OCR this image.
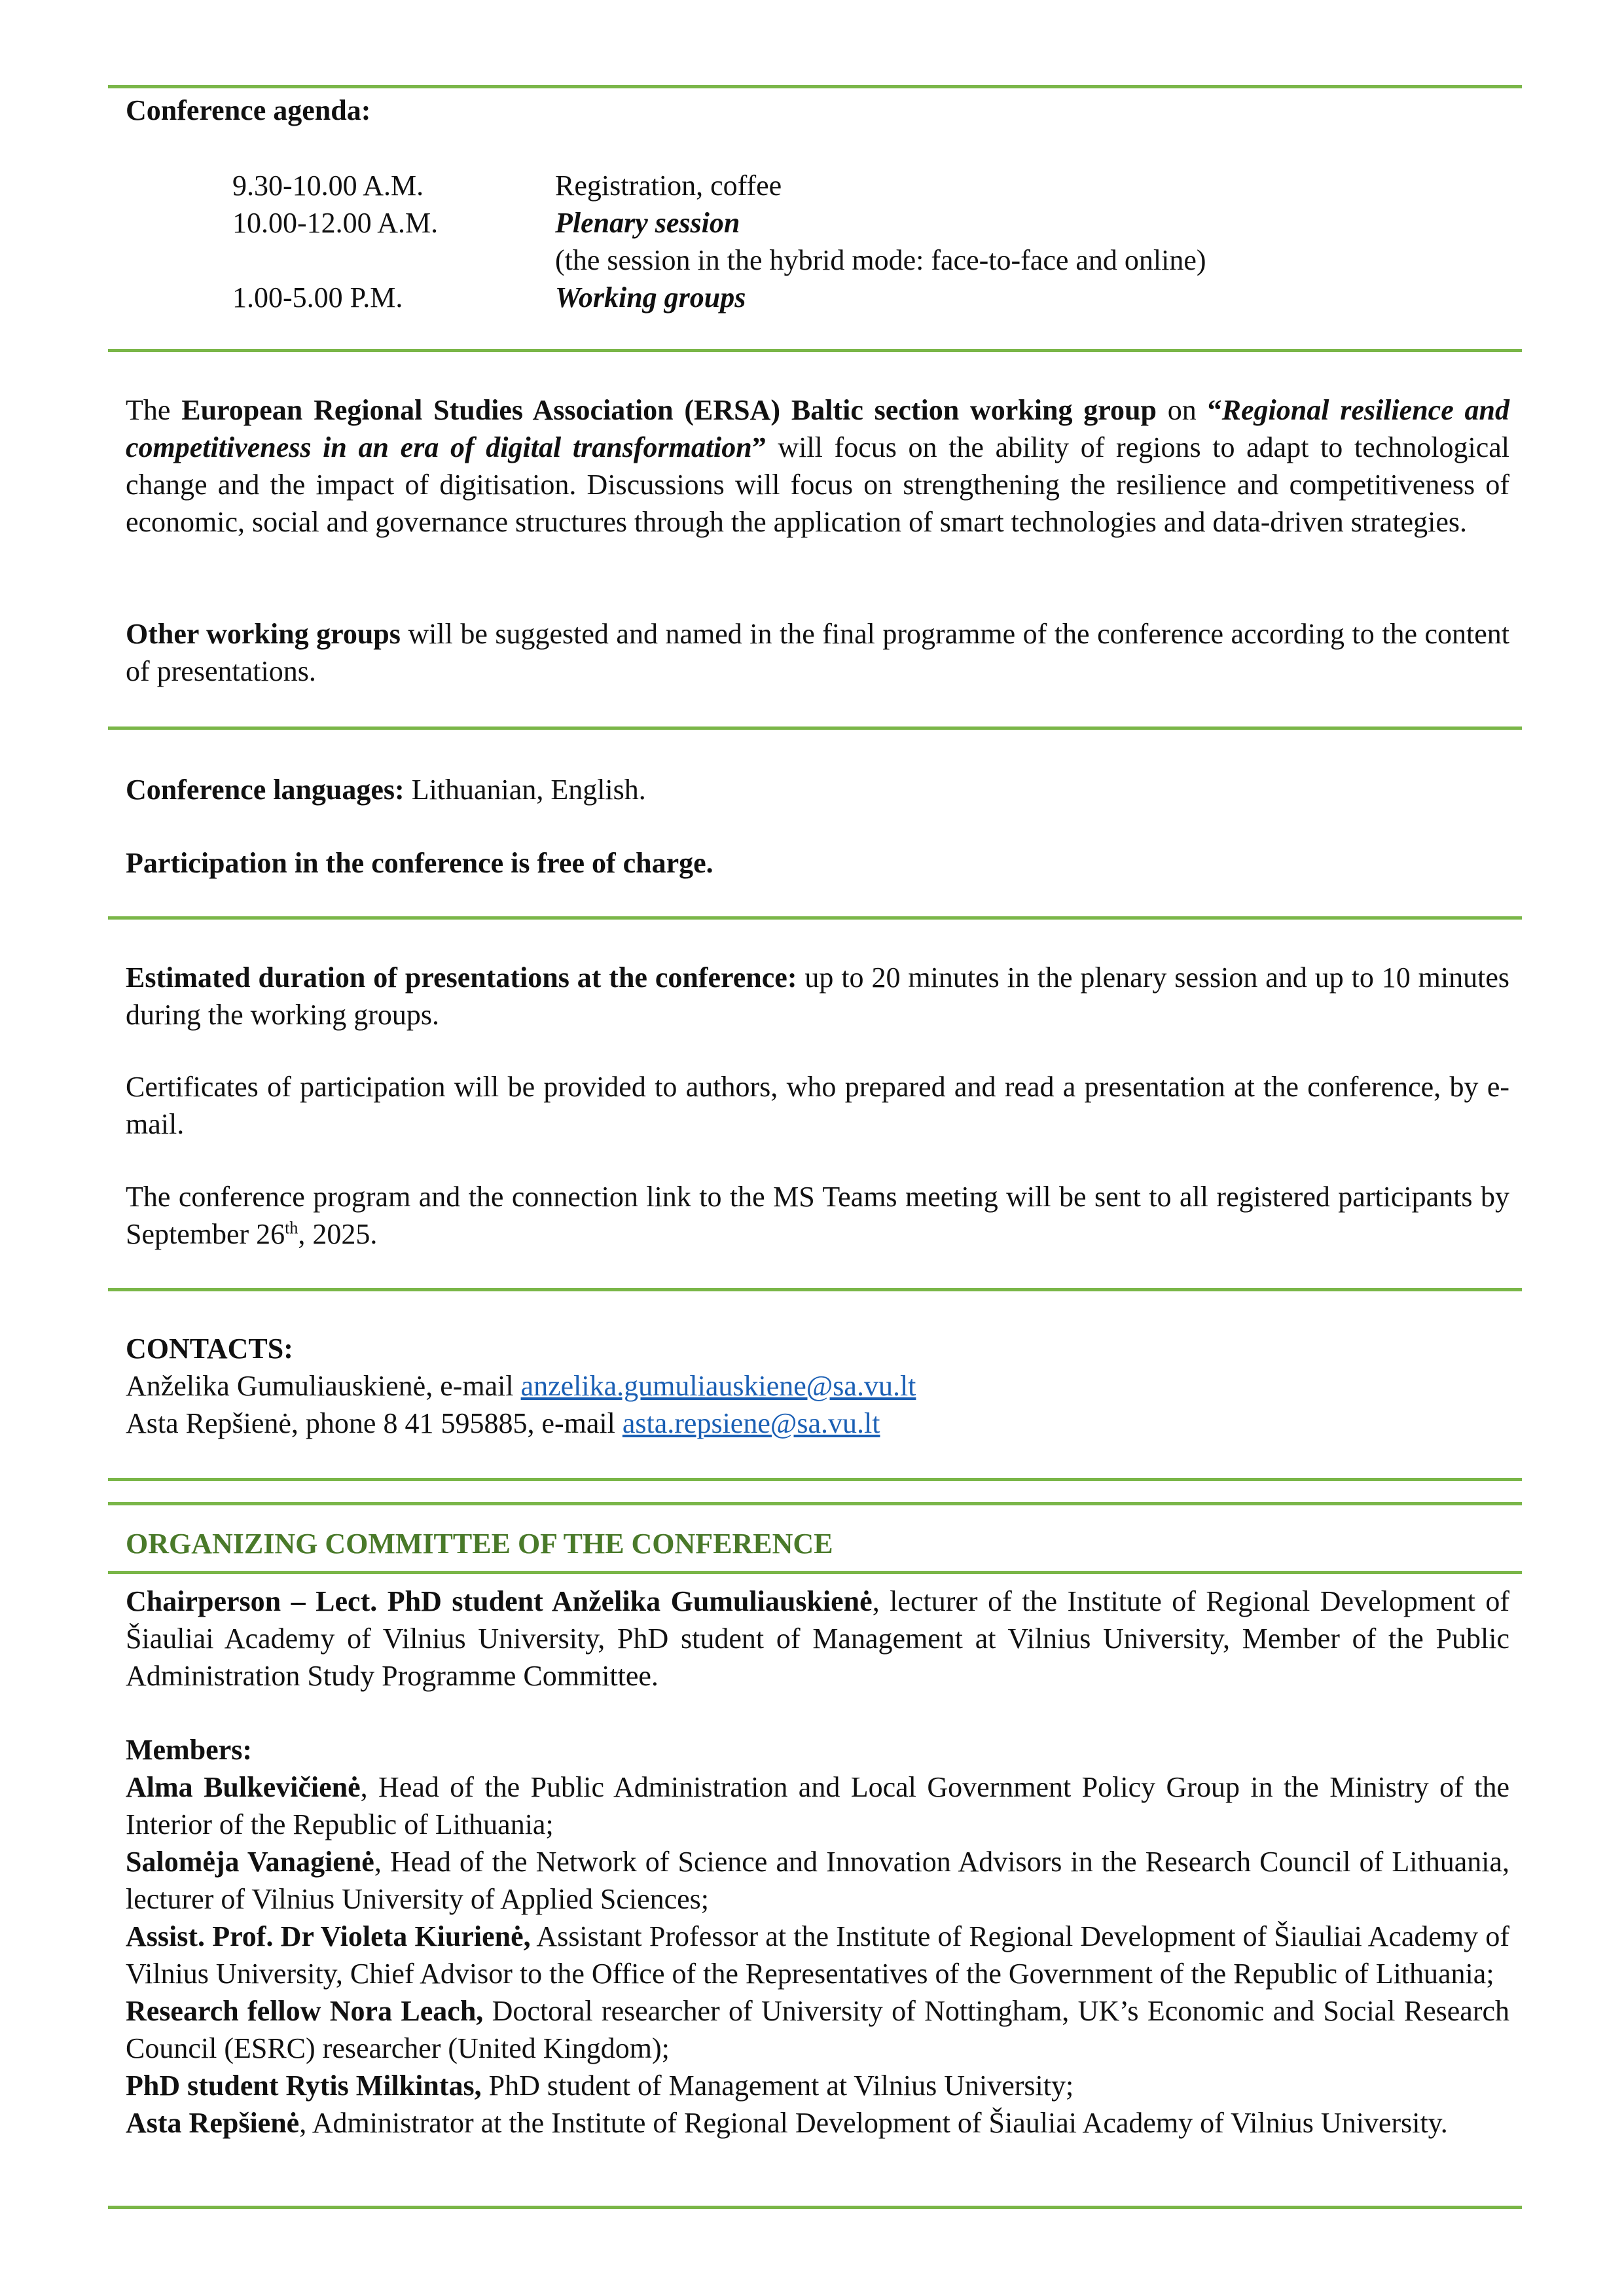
Conference agenda:
9.30-10.00 A.M.	Registration, coffee
10.00-12.00 A.M.	Plenary session
(the session in the hybrid mode: face-to-face and online)
1.00-5.00 P.M.	Working groups
The European Regional Studies Association (ERSA) Baltic section working group on “Regional resilience and competitiveness in an era of digital transformation” will focus on the ability of regions to adapt to technological change and the impact of digitisation. Discussions will focus on strengthening the resilience and competitiveness of economic, social and governance structures through the application of smart technologies and data-driven strategies.
Other working groups will be suggested and named in the final programme of the conference according to the content of presentations.
Conference languages: Lithuanian, English.
Participation in the conference is free of charge.
Estimated duration of presentations at the conference: up to 20 minutes in the plenary session and up to 10 minutes during the working groups.
Certificates of participation will be provided to authors, who prepared and read a presentation at the conference, by e-mail.
The conference program and the connection link to the MS Teams meeting will be sent to all registered participants by September 26th, 2025.
CONTACTS:
Anželika Gumuliauskienė, e-mail anzelika.gumuliauskiene@sa.vu.lt
Asta Repšienė, phone 8 41 595885, e-mail asta.repsiene@sa.vu.lt
ORGANIZING COMMITTEE OF THE CONFERENCE
Chairperson – Lect. PhD student Anželika Gumuliauskienė, lecturer of the Institute of Regional Development of Šiauliai Academy of Vilnius University, PhD student of Management at Vilnius University, Member of the Public Administration Study Programme Committee.
Members:

Alma Bulkevičienė, Head of the Public Administration and Local Government Policy Group in the Ministry of the Interior of the Republic of Lithuania;

Salomėja Vanagienė, Head of the Network of Science and Innovation Advisors in the Research Council of Lithuania, lecturer of Vilnius University of Applied Sciences;

Assist. Prof. Dr Violeta Kiurienė, Assistant Professor at the Institute of Regional Development of Šiauliai Academy of Vilnius University, Chief Advisor to the Office of the Representatives of the Government of the Republic of Lithuania;

Research fellow Nora Leach, Doctoral researcher of University of Nottingham, UK’s Economic and Social Research Council (ESRC) researcher (United Kingdom);

PhD student Rytis Milkintas, PhD student of Management at Vilnius University;

Asta Repšienė, Administrator at the Institute of Regional Development of Šiauliai Academy of Vilnius University.
